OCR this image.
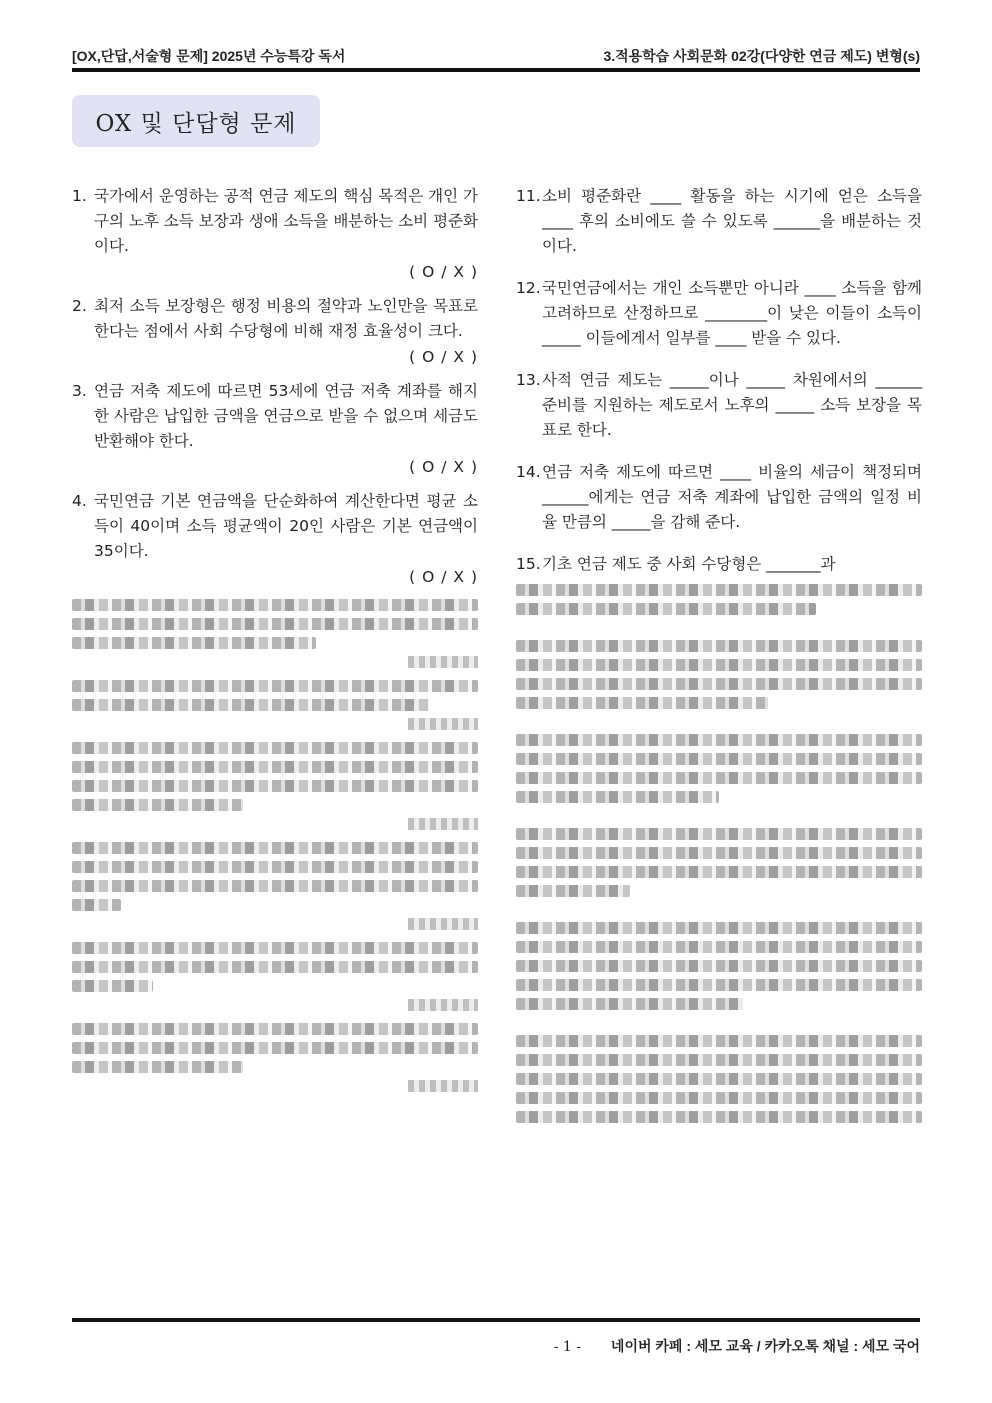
[OX,단답,서술형 문제] 2025년 수능특강 독서	3.적용학습 사회문화 02강(다양한 연금 제도) 변형(s)
OX 및 단답형 문제
1. 국가에서 운영하는 공적 연금 제도의 핵심 목적은 개인 가구의 노후 소득 보장과 생애 소득을 배분하는 소비 평준화이다.
( O / X )
2. 최저 소득 보장형은 행정 비용의 절약과 노인만을 목표로 한다는 점에서 사회 수당형에 비해 재정 효율성이 크다.
( O / X )
3. 연금 저축 제도에 따르면 53세에 연금 저축 계좌를 해지한 사람은 납입한 금액을 연금으로 받을 수 없으며 세금도 반환해야 한다.
( O / X )
4. 국민연금 기본 연금액을 단순화하여 계산한다면 평균 소득이 40이며 소득 평균액이 20인 사람은 기본 연금액이 35이다.
( O / X )
11. 소비 평준화란 ____ 활동을 하는 시기에 얻은 소득을 ____ 후의 소비에도 쓸 수 있도록 ______을 배분하는 것이다.
12. 국민연금에서는 개인 소득뿐만 아니라 ____ 소득을 함께 고려하므로 산정하므로 ________이 낮은 이들이 소득이 _____ 이들에게서 일부를 ____ 받을 수 있다.
13. 사적 연금 제도는 _____이나 _____ 차원에서의 ______ 준비를 지원하는 제도로서 노후의 _____ 소득 보장을 목표로 한다.
14. 연금 저축 제도에 따르면 ____ 비율의 세금이 책정되며 ______에게는 연금 저축 계좌에 납입한 금액의 일정 비율 만큼의 _____을 감해 준다.
15. 기초 연금 제도 중 사회 수당형은 _______과
- 1 - 네이버 카페 : 세모 교육 / 카카오톡 채널 : 세모 국어
